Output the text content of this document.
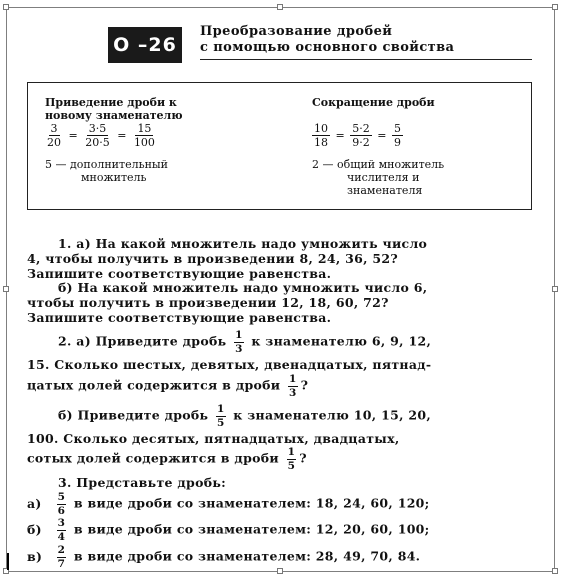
О –26
Преобразование дробей
с помощью основного свойства
Приведение дроби к
новому знаменателю
$\frac{3}{20} = \frac{3\cdot 5}{20\cdot 5} = \frac{15}{100}$
5 — дополнительный
множитель
Сокращение дроби
$\frac{10}{18} = \frac{5\cdot 2}{9\cdot 2} = \frac{5}{9}$
2 — общий множитель
числителя и
знаменателя
1. а) На какой множитель надо умножить число
4, чтобы получить в произведении 8, 24, 36, 52?
Запишите соответствующие равенства.
б) На какой множитель надо умножить число 6,
чтобы получить в произведении 12, 18, 60, 72?
Запишите соответствующие равенства.
2. а) Приведите дробь $\frac{1}{3}$ к знаменателю 6, 9, 12,
15. Сколько шестых, девятых, двенадцатых, пятнад-
цатых долей содержится в дроби $\frac{1}{3}$ ?
б) Приведите дробь $\frac{1}{5}$ к знаменателю 10, 15, 20,
100. Сколько десятых, пятнадцатых, двадцатых,
сотых долей содержится в дроби $\frac{1}{5}$ ?
3. Представьте дробь:
$а) \frac{5}{6}$ в виде дроби со знаменателем: 18, 24, 60, 120;
$б) \frac{3}{4}$ в виде дроби со знаменателем: 12, 20, 60, 100;
$в) \frac{2}{7}$ в виде дроби со знаменателем: 28, 49, 70, 84.
